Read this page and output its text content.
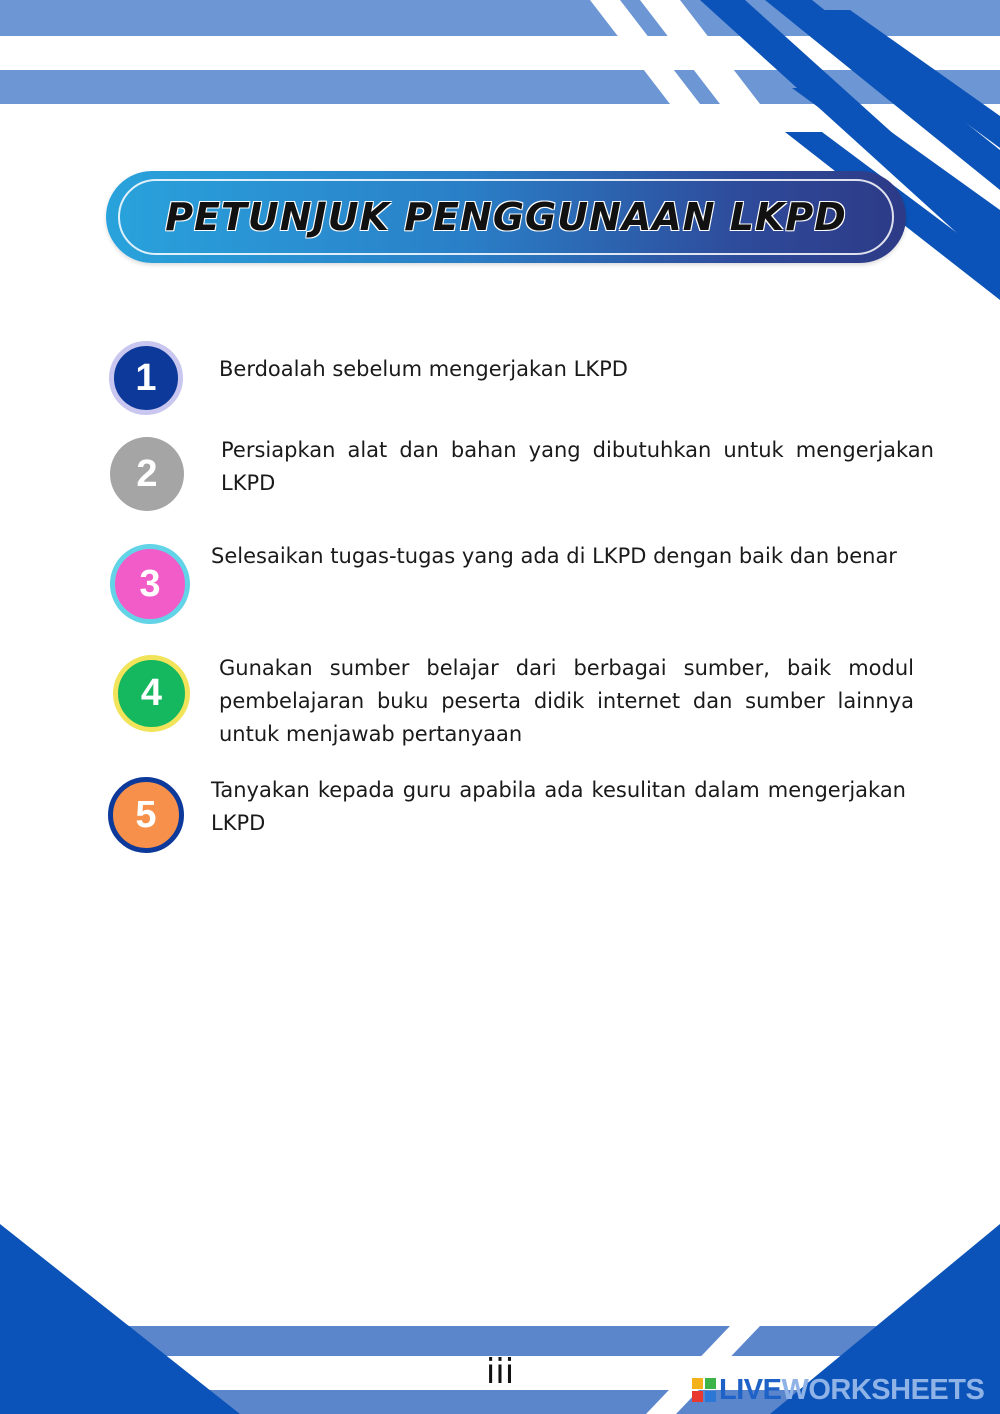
PETUNJUK PENGGUNAAN LKPD
1	Berdoalah sebelum mengerjakan LKPD
2
Persiapkan alat dan bahan yang dibutuhkan untuk mengerjakan LKPD
3
Selesaikan tugas-tugas yang ada di LKPD dengan baik dan benar
4
Gunakan sumber belajar dari berbagai sumber, baik modul pembelajaran buku peserta didik internet dan sumber lainnya untuk menjawab pertanyaan
5
Tanyakan kepada guru apabila ada kesulitan dalam mengerjakan LKPD
iii	LIVEWORKSHEETS
